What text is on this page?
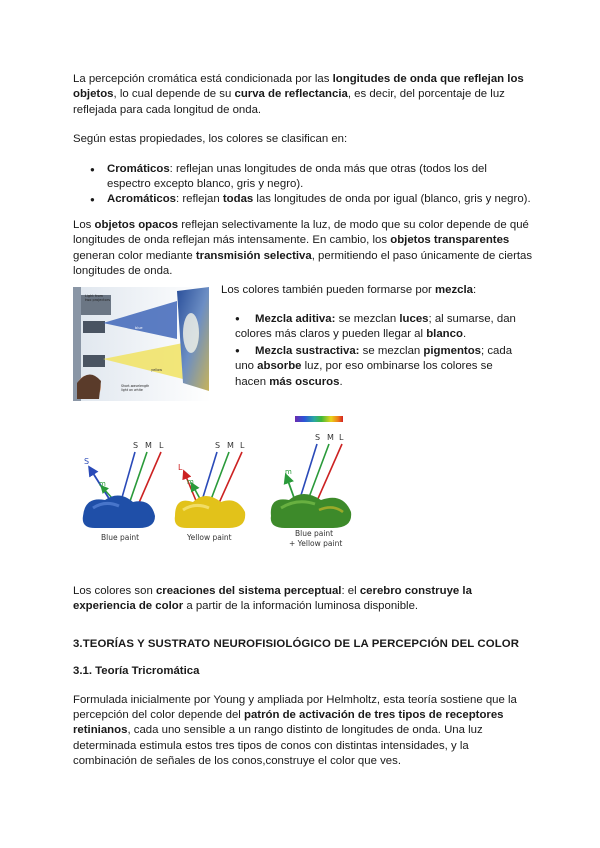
La percepción cromática está condicionada por las longitudes de onda que reflejan los objetos, lo cual depende de su curva de reflectancia, es decir, del porcentaje de luz reflejada para cada longitud de onda.

Según estas propiedades, los colores se clasifican en:

● Cromáticos: reflejan unas longitudes de onda más que otras (todos los del espectro excepto blanco, gris y negro).
● Acromáticos: reflejan todas las longitudes de onda por igual (blanco, gris y negro).

Los objetos opacos reflejan selectivamente la luz, de modo que su color depende de qué longitudes de onda reflejan más intensamente. En cambio, los objetos transparentes generan color mediante transmisión selectiva, permitiendo el paso únicamente de ciertas longitudes de onda.

Light from
two projectors
blue
yellow
Short-wavelength
light on white

Los colores también pueden formarse por mezcla:

● Mezcla aditiva: se mezclan luces; al sumarse, dan colores más claros y pueden llegar al blanco.
● Mezcla sustractiva: se mezclan pigmentos; cada uno absorbe luz, por eso ombinarse los colores se hacen más oscuros.
S M L
S
m
Blue paint
S M L
L
m
Yellow paint
S M L
m
Blue paint
+ Yellow paint

Los colores son creaciones del sistema perceptual: el cerebro construye la experiencia de color a partir de la información luminosa disponible.

3.TEORÍAS Y SUSTRATO NEUROFISIOLÓGICO DE LA PERCEPCIÓN DEL COLOR
3.1. Teoría Tricromática

Formulada inicialmente por Young y ampliada por Helmholtz, esta teoría sostiene que la percepción del color depende del patrón de activación de tres tipos de receptores retinianos, cada uno sensible a un rango distinto de longitudes de onda. Una luz determinada estimula estos tres tipos de conos con distintas intensidades, y la combinación de señales de los conos,construye el color que ves.
